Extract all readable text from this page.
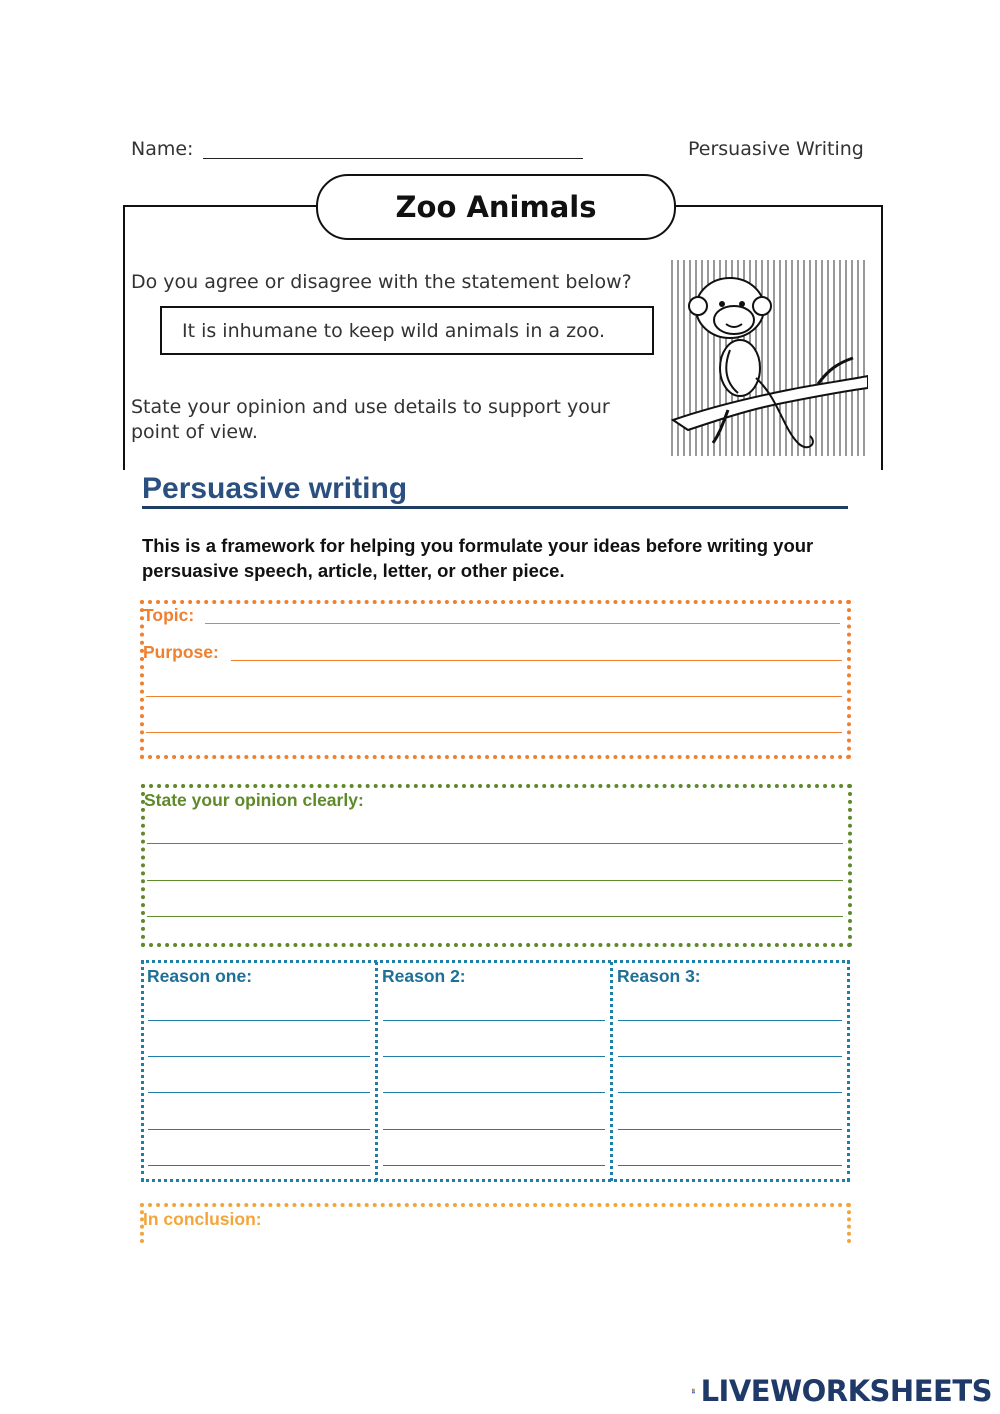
Name:	Persuasive Writing
Zoo Animals
Do you agree or disagree with the statement below?
It is inhumane to keep wild animals in a zoo.
State your opinion and use details to support your point of view.
Persuasive writing
This is a framework for helping you formulate your ideas before writing your persuasive speech, article, letter, or other piece.
Topic:
Purpose:
State your opinion clearly:
Reason one:	Reason 2:	Reason 3:
In conclusion:
LIVEWORKSHEETS
